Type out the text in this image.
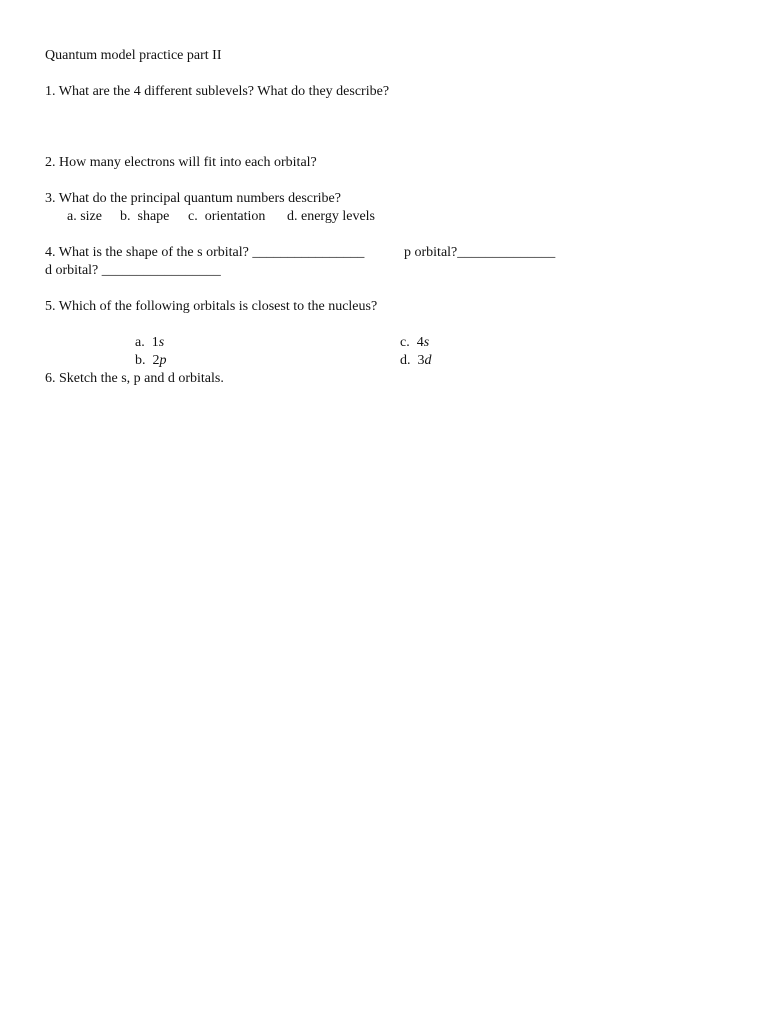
Quantum model practice part II
1. What are the 4 different sublevels? What do they describe?
2. How many electrons will fit into each orbital?
3. What do the principal quantum numbers describe?
a. size b.  shape c.  orientation d. energy levels
4. What is the shape of the s orbital? ________________	p orbital?______________
d orbital? _________________
5. Which of the following orbitals is closest to the nucleus?

a. 1s

b. 2p

c. 4s

d. 3d

6. Sketch the s, p and d orbitals.
